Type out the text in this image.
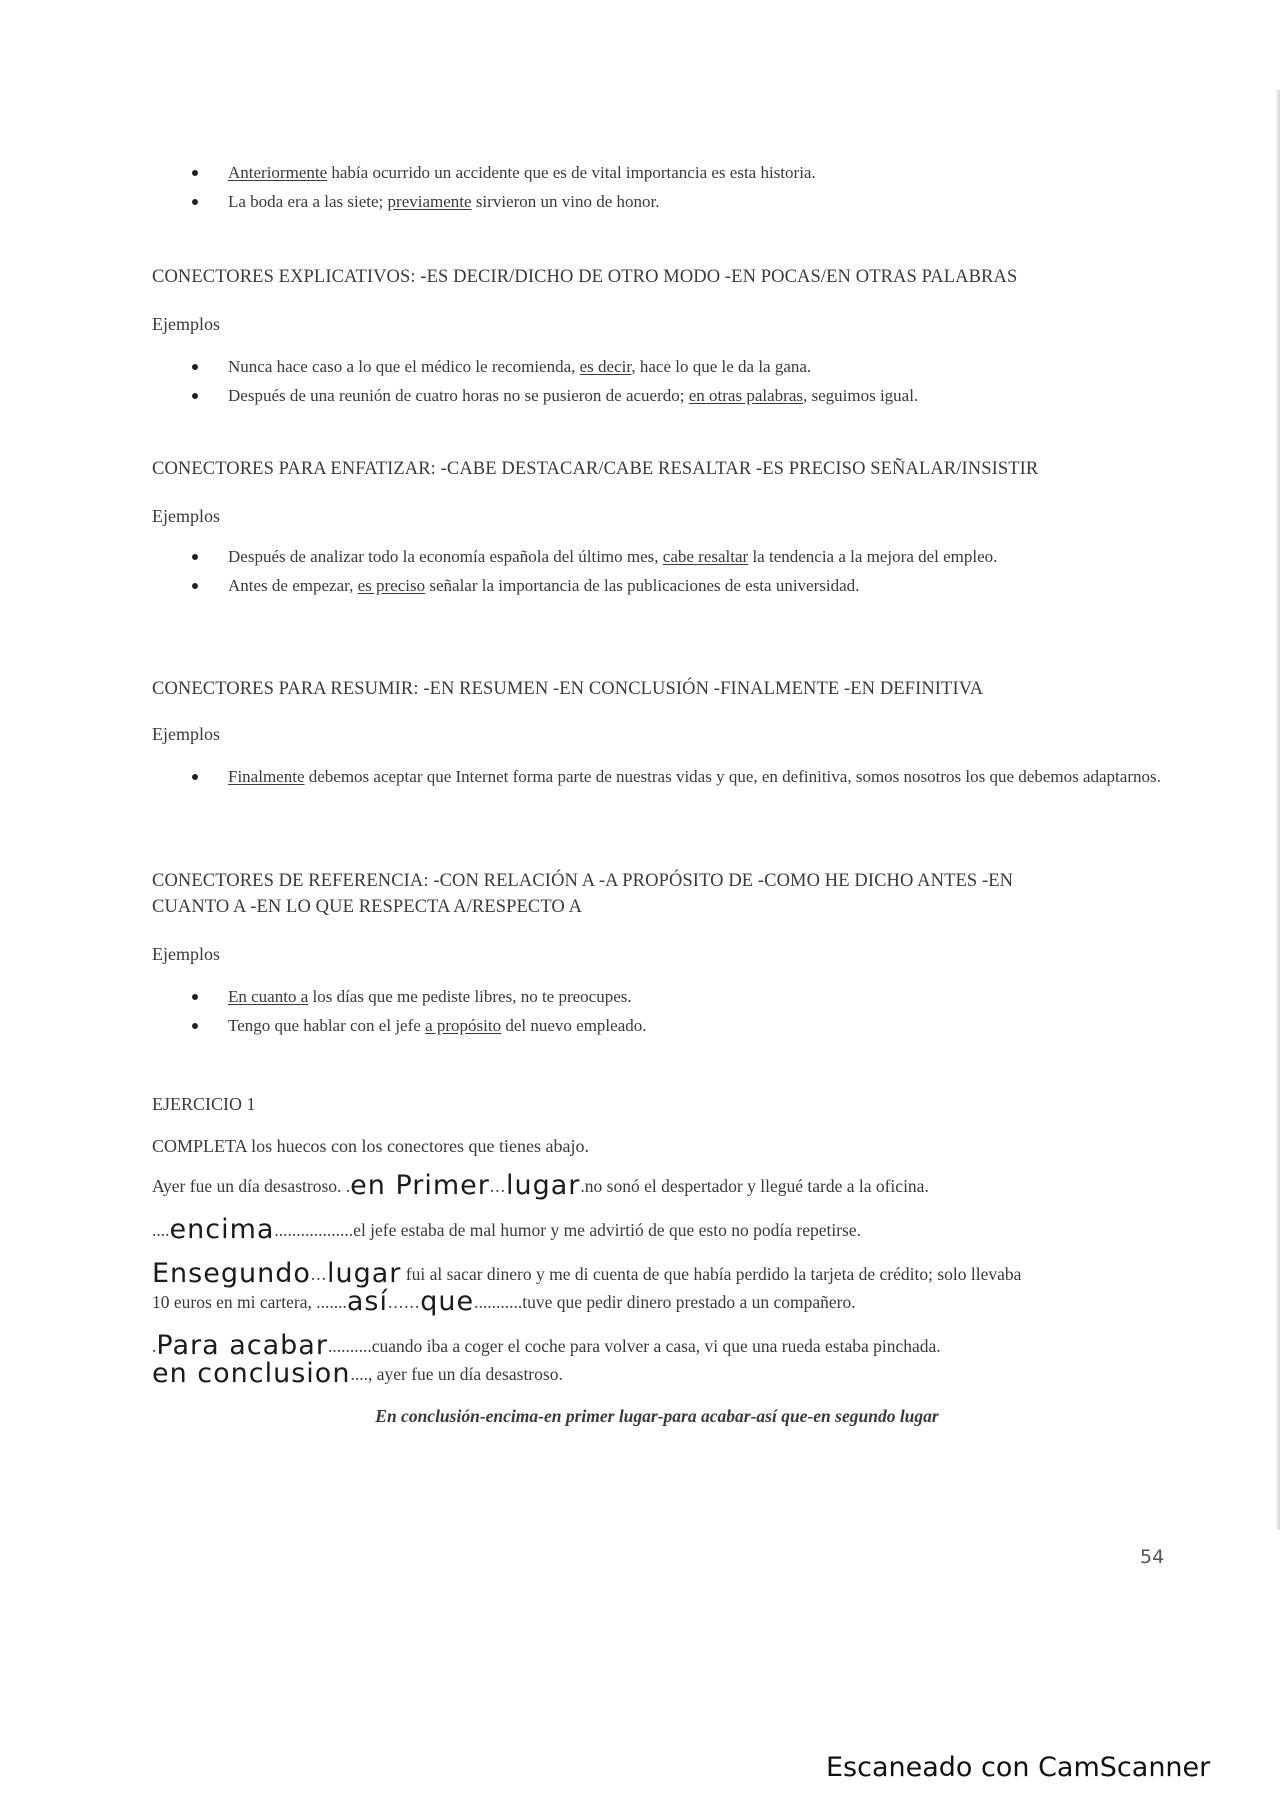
Anteriormente había ocurrido un accidente que es de vital importancia es esta historia.
La boda era a las siete; previamente sirvieron un vino de honor.
CONECTORES EXPLICATIVOS: -ES DECIR/DICHO DE OTRO MODO -EN POCAS/EN OTRAS PALABRAS
Ejemplos
Nunca hace caso a lo que el médico le recomienda, es decir, hace lo que le da la gana.
Después de una reunión de cuatro horas no se pusieron de acuerdo; en otras palabras, seguimos igual.
CONECTORES PARA ENFATIZAR: -CABE DESTACAR/CABE RESALTAR -ES PRECISO SEÑALAR/INSISTIR
Ejemplos
Después de analizar todo la economía española del último mes, cabe resaltar la tendencia a la mejora del empleo.
Antes de empezar, es preciso señalar la importancia de las publicaciones de esta universidad.
CONECTORES PARA RESUMIR: -EN RESUMEN -EN CONCLUSIÓN -FINALMENTE -EN DEFINITIVA
Ejemplos
Finalmente debemos aceptar que Internet forma parte de nuestras vidas y que, en definitiva, somos nosotros los que debemos adaptarnos.
CONECTORES DE REFERENCIA: -CON RELACIÓN A -A PROPÓSITO DE -COMO HE DICHO ANTES -EN
CUANTO A -EN LO QUE RESPECTA A/RESPECTO A
Ejemplos
En cuanto a los días que me pediste libres, no te preocupes.
Tengo que hablar con el jefe a propósito del nuevo empleado.
EJERCICIO 1
COMPLETA los huecos con los conectores que tienes abajo.
Ayer fue un día desastroso. .en Primer...lugar.no sonó el despertador y llegué tarde a la oficina.
....encima..................el jefe estaba de mal humor y me advirtió de que esto no podía repetirse.
Ensegundo...lugar fui al sacar dinero y me di cuenta de que había perdido la tarjeta de crédito; solo llevaba
10 euros en mi cartera, .......así......que...........tuve que pedir dinero prestado a un compañero.
.Para acabar..........cuando iba a coger el coche para volver a casa, vi que una rueda estaba pinchada.
en conclusion...., ayer fue un día desastroso.
En conclusión-encima-en primer lugar-para acabar-así que-en segundo lugar
54
Escaneado con CamScanner
